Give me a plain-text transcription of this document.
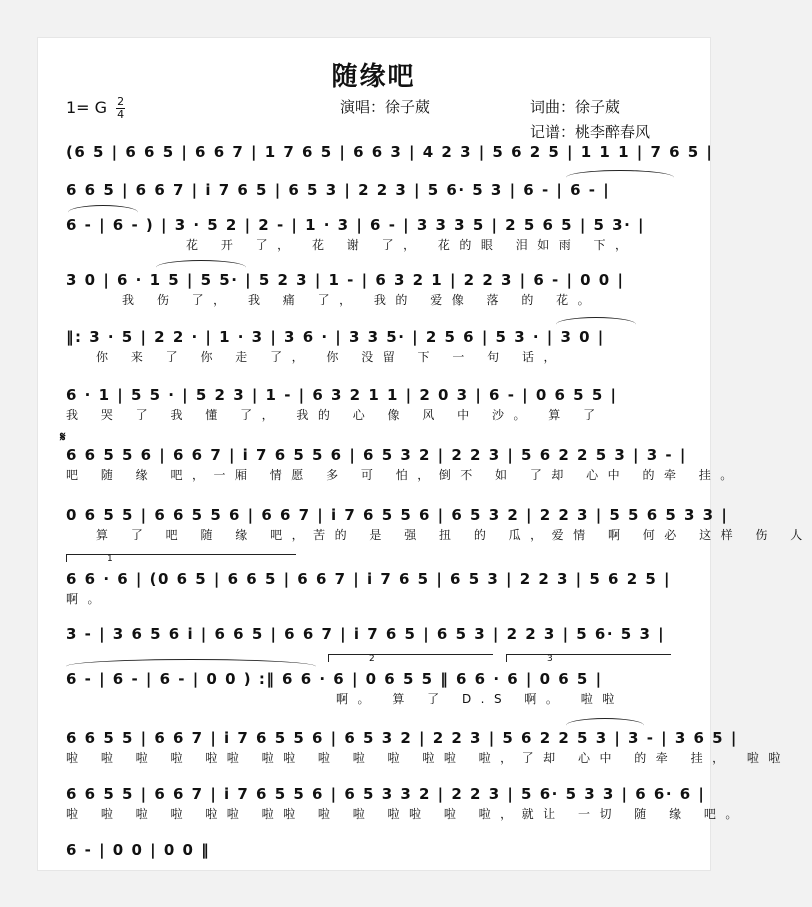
随缘吧
1= G $\frac{2}{4}$	演唱：徐子葳	词曲：徐子葳
记谱：桃李醉春风
𝄋
(6 5 | 6 6 5 | 6 6 7 | 1 7 6 5 | 6 6 3 | 4 2 3 | 5 6 2 5 | 1 1 1 | 7 6 5 |
6 6 5 | 6 6 7 | i 7 6 5 | 6 5 3 | 2 2 3 | 5 6· 5 3 | 6 - | 6 - |
6 - | 6 - ) | 3 · 5 2 | 2 - | 1 · 3 | 6 - | 3 3 3 5 | 2 5 6 5 | 5 3· |
花 开 了， 花 谢 了， 花的眼 泪如雨 下，
3 0 | 6 · 1 5 | 5 5· | 5 2 3 | 1 - | 6 3 2 1 | 2 2 3 | 6 - | 0 0 |
我 伤 了， 我 痛 了， 我的 爱像 落 的 花。
‖: 3 · 5 | 2 2 · | 1 · 3 | 3 6 · | 3 3 5· | 2 5 6 | 5 3 · | 3 0 |
你 来 了 你 走 了， 你 没留 下 一 句 话，
6 · 1 | 5 5 · | 5 2 3 | 1 - | 6 3 2 1 1 | 2 0 3 | 6 - | 0 6 5 5 |
我 哭 了 我 懂 了， 我的 心 像 风 中 沙。 算 了
6 6 5 5 6 | 6 6 7 | i 7 6 5 5 6 | 6 5 3 2 | 2 2 3 | 5 6 2 2 5 3 | 3 - |
吧 随 缘 吧，一厢 情愿 多 可 怕，倒不 如 了却 心中 的牵 挂。
0 6 5 5 | 6 6 5 5 6 | 6 6 7 | i 7 6 5 5 6 | 6 5 3 2 | 2 2 3 | 5 5 6 5 3 3 |
算 了 吧 随 缘 吧，苦的 是 强 扭 的 瓜，爱情 啊 何必 这样 伤 人
1
6 6 · 6 | (0 6 5 | 6 6 5 | 6 6 7 | i 7 6 5 | 6 5 3 | 2 2 3 | 5 6 2 5 |
啊。
3 - | 3 6 5 6 i | 6 6 5 | 6 6 7 | i 7 6 5 | 6 5 3 | 2 2 3 | 5 6· 5 3 |
2	3
6 - | 6 - | 6 - | 0 0 ) :‖ 6 6 · 6 | 0 6 5 5 ‖ 6 6 · 6 | 0 6 5 |
啊。 算 了 D.S 啊。 啦啦
6 6 5 5 | 6 6 7 | i 7 6 5 5 6 | 6 5 3 2 | 2 2 3 | 5 6 2 2 5 3 | 3 - | 3 6 5 |
啦 啦 啦 啦 啦啦 啦啦 啦 啦 啦 啦啦 啦，了却 心中 的牵 挂， 啦啦
6 6 5 5 | 6 6 7 | i 7 6 5 5 6 | 6 5 3 3 2 | 2 2 3 | 5 6· 5 3 3 | 6 6· 6 |
啦 啦 啦 啦 啦啦 啦啦 啦 啦 啦啦 啦 啦，就让 一切 随 缘 吧。
6 - | 0 0 | 0 0 ‖
